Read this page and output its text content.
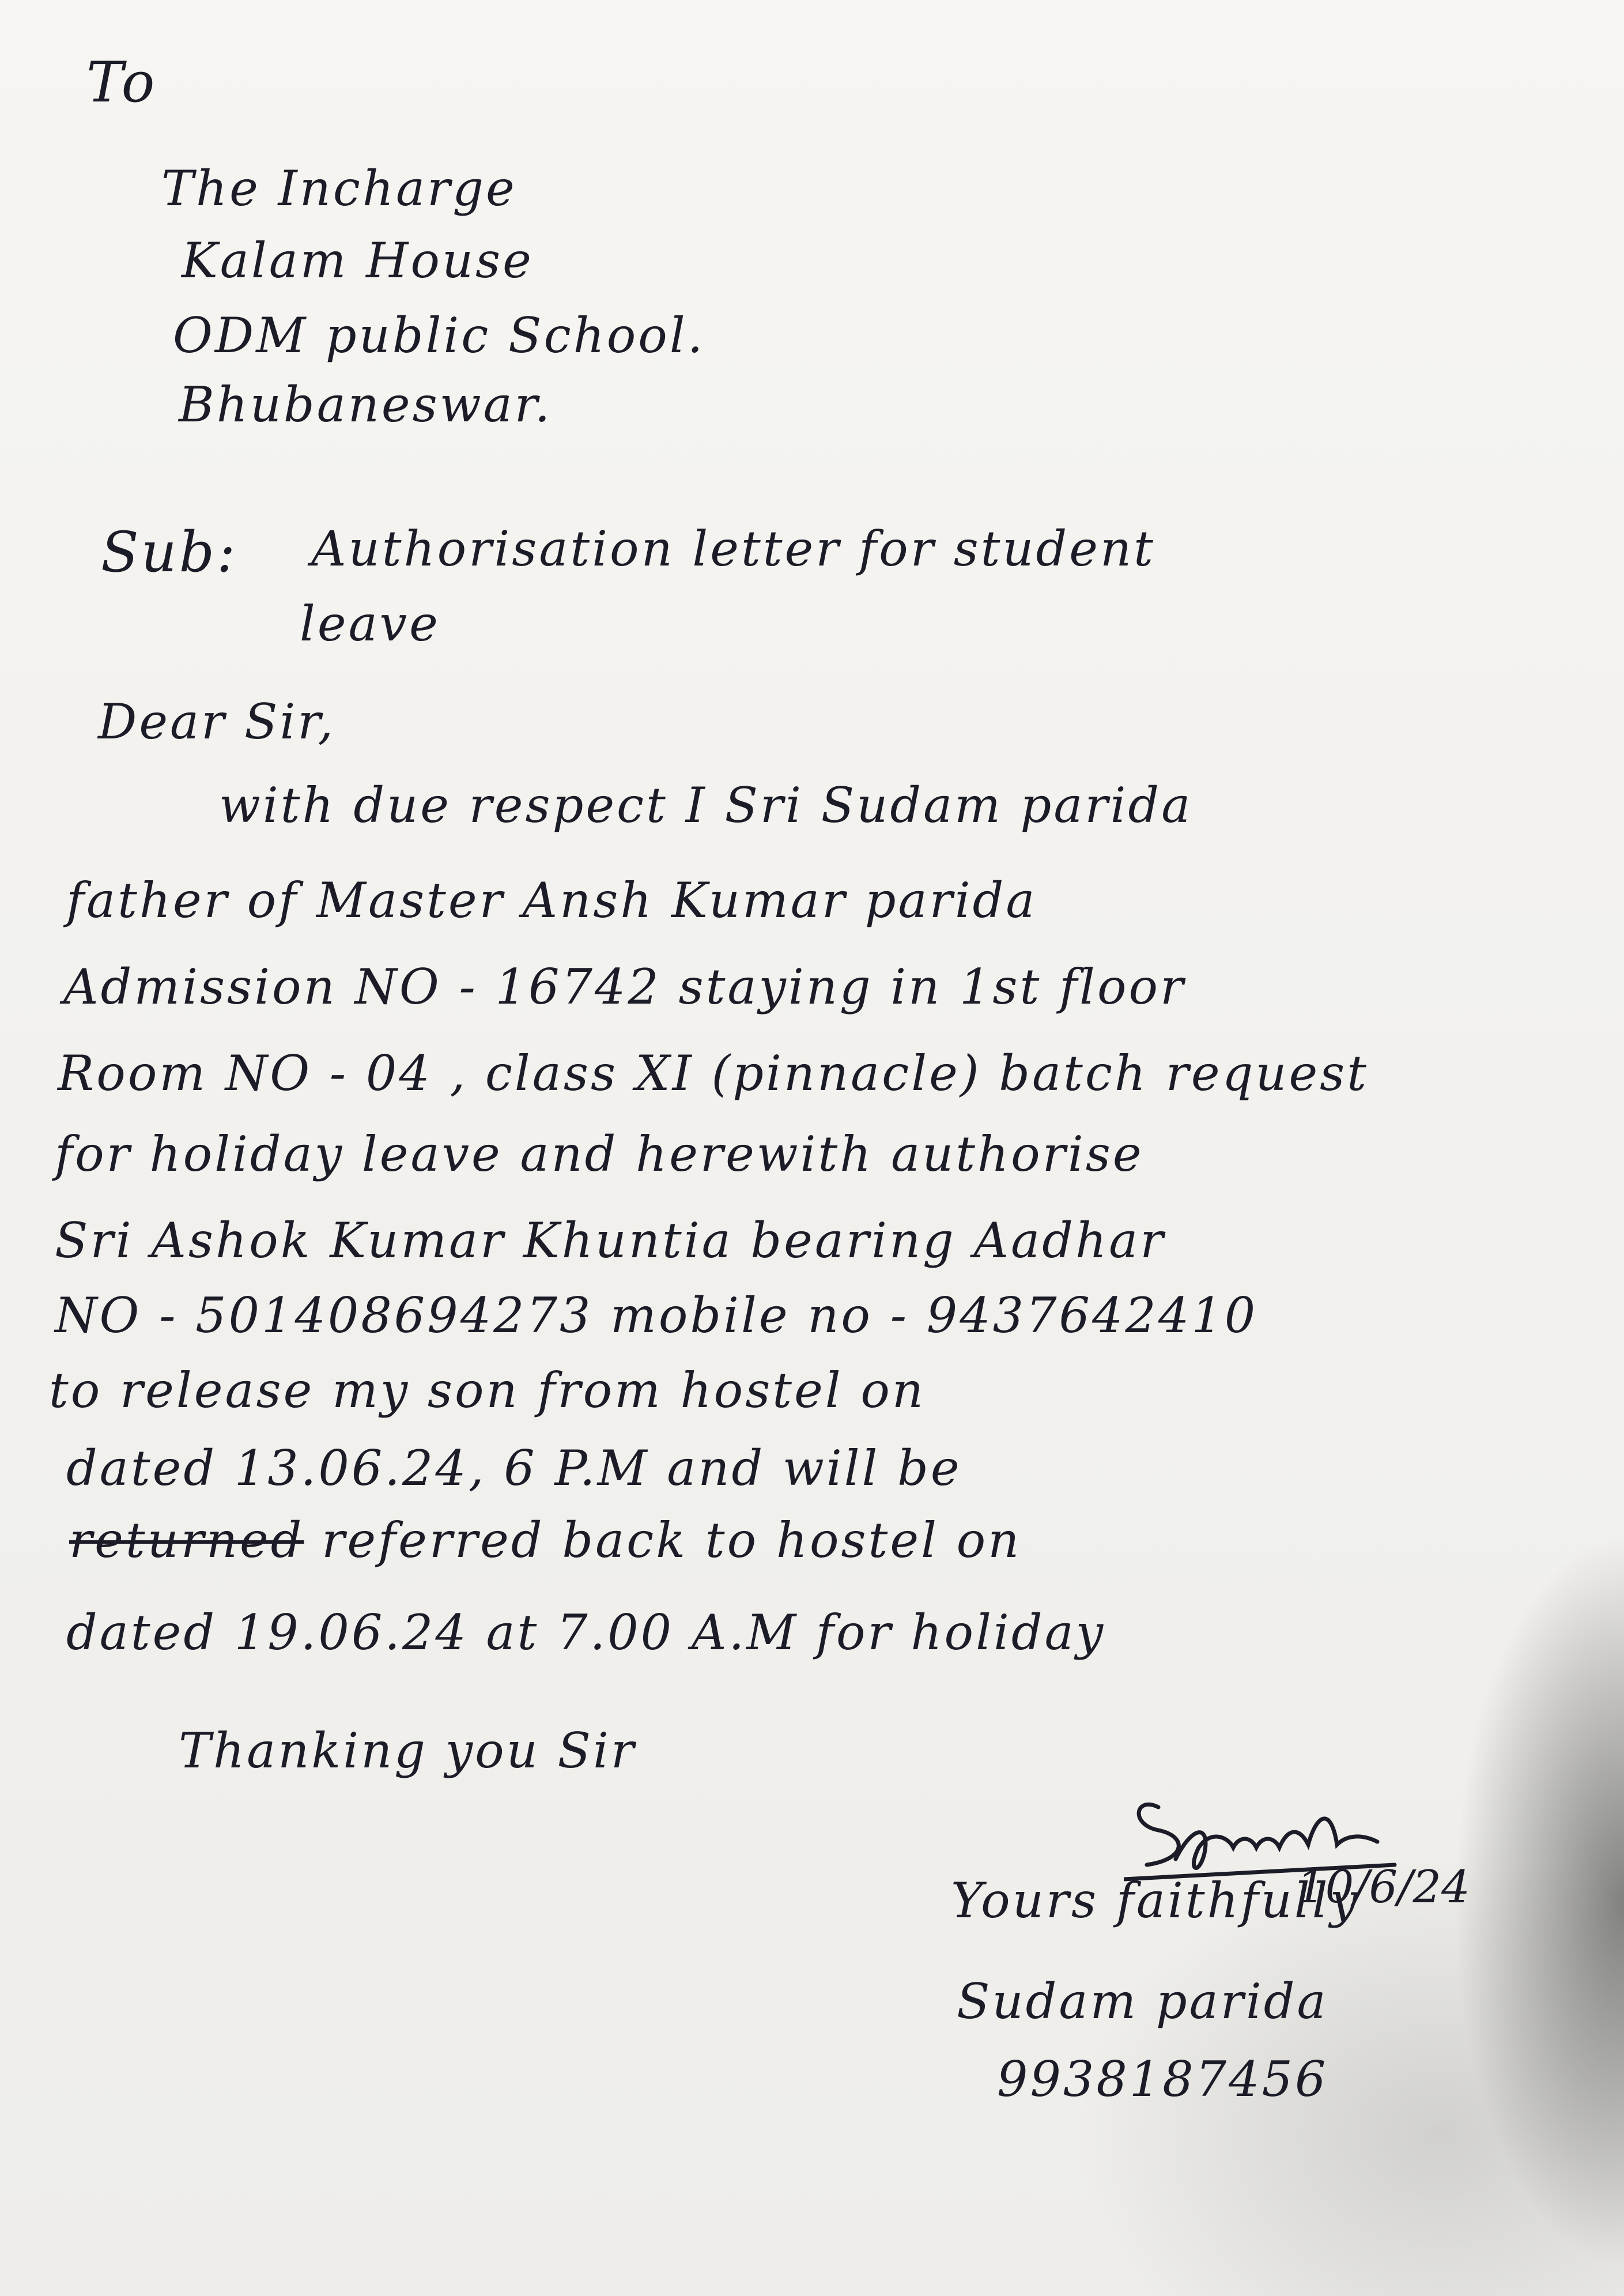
To
The Incharge
Kalam House
ODM public School.
Bhubaneswar.
Sub: Authorisation letter for student
leave
Dear Sir,
with due respect I Sri Sudam parida
father of Master Ansh Kumar parida
Admission NO - 16742 staying in 1st floor
Room NO - 04 , class XI (pinnacle) batch request
for holiday leave and herewith authorise
Sri Ashok Kumar Khuntia bearing Aadhar
NO - 501408694273 mobile no - 9437642410
to release my son from hostel on
dated 13.06.24, 6 P.M and will be
returned referred back to hostel on
dated 19.06.24 at 7.00 A.M for holiday
Thanking you Sir
10/6/24
Yours faithfully
Sudam parida
9938187456
